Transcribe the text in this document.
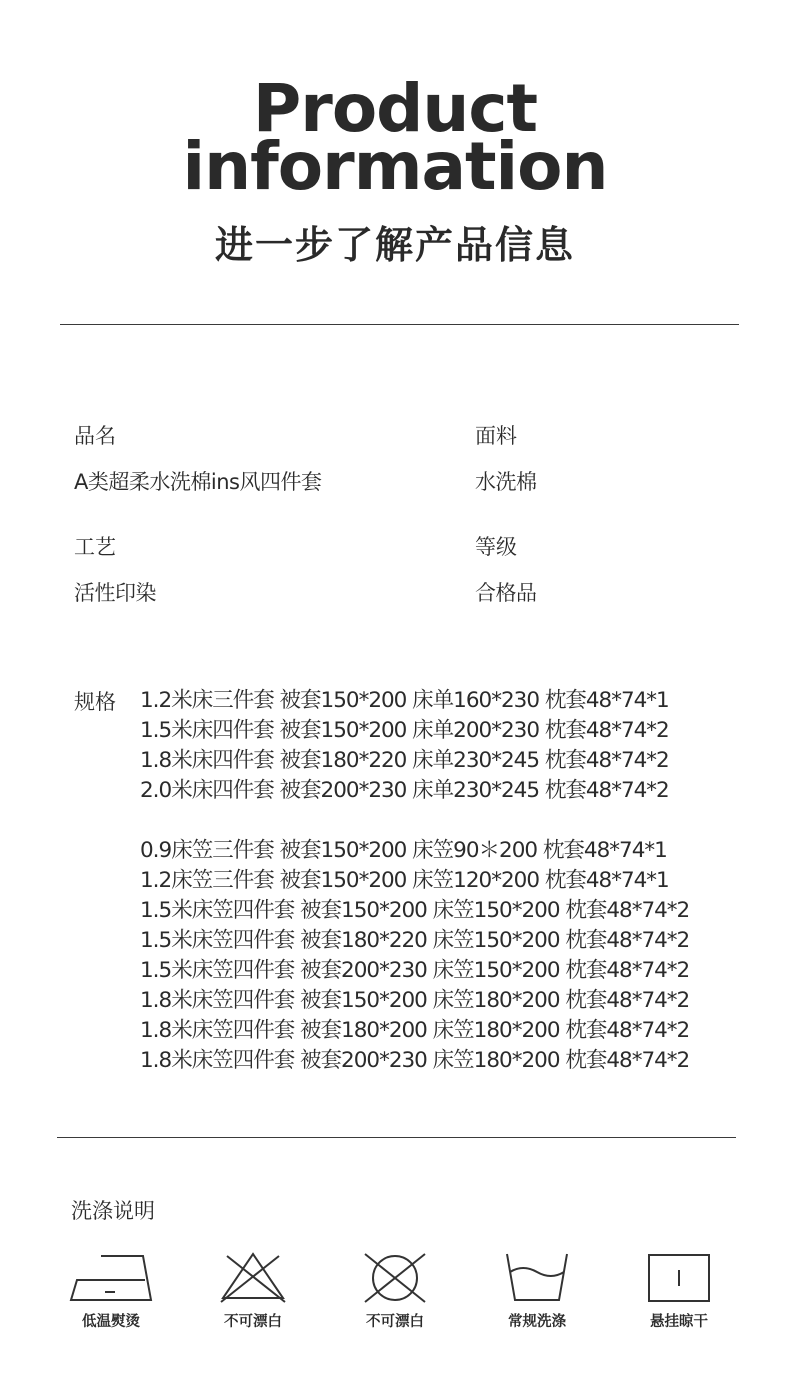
Product
information
进一步了解产品信息
品名
A类超柔水洗棉ins风四件套
面料
水洗棉
工艺
活性印染
等级
合格品
规格 1.2米床三件套 被套150*200 床单160*230 枕套48*74*1
1.5米床四件套 被套150*200 床单200*230 枕套48*74*2
1.8米床四件套 被套180*220 床单230*245 枕套48*74*2
2.0米床四件套 被套200*230 床单230*245 枕套48*74*2
0.9床笠三件套 被套150*200 床笠90＊200 枕套48*74*1
1.2床笠三件套 被套150*200 床笠120*200 枕套48*74*1
1.5米床笠四件套 被套150*200 床笠150*200 枕套48*74*2
1.5米床笠四件套 被套180*220 床笠150*200 枕套48*74*2
1.5米床笠四件套 被套200*230 床笠150*200 枕套48*74*2
1.8米床笠四件套 被套150*200 床笠180*200 枕套48*74*2
1.8米床笠四件套 被套180*200 床笠180*200 枕套48*74*2
1.8米床笠四件套 被套200*230 床笠180*200 枕套48*74*2
洗涤说明
低温熨烫	不可漂白	不可漂白	常规洗涤	悬挂晾干
